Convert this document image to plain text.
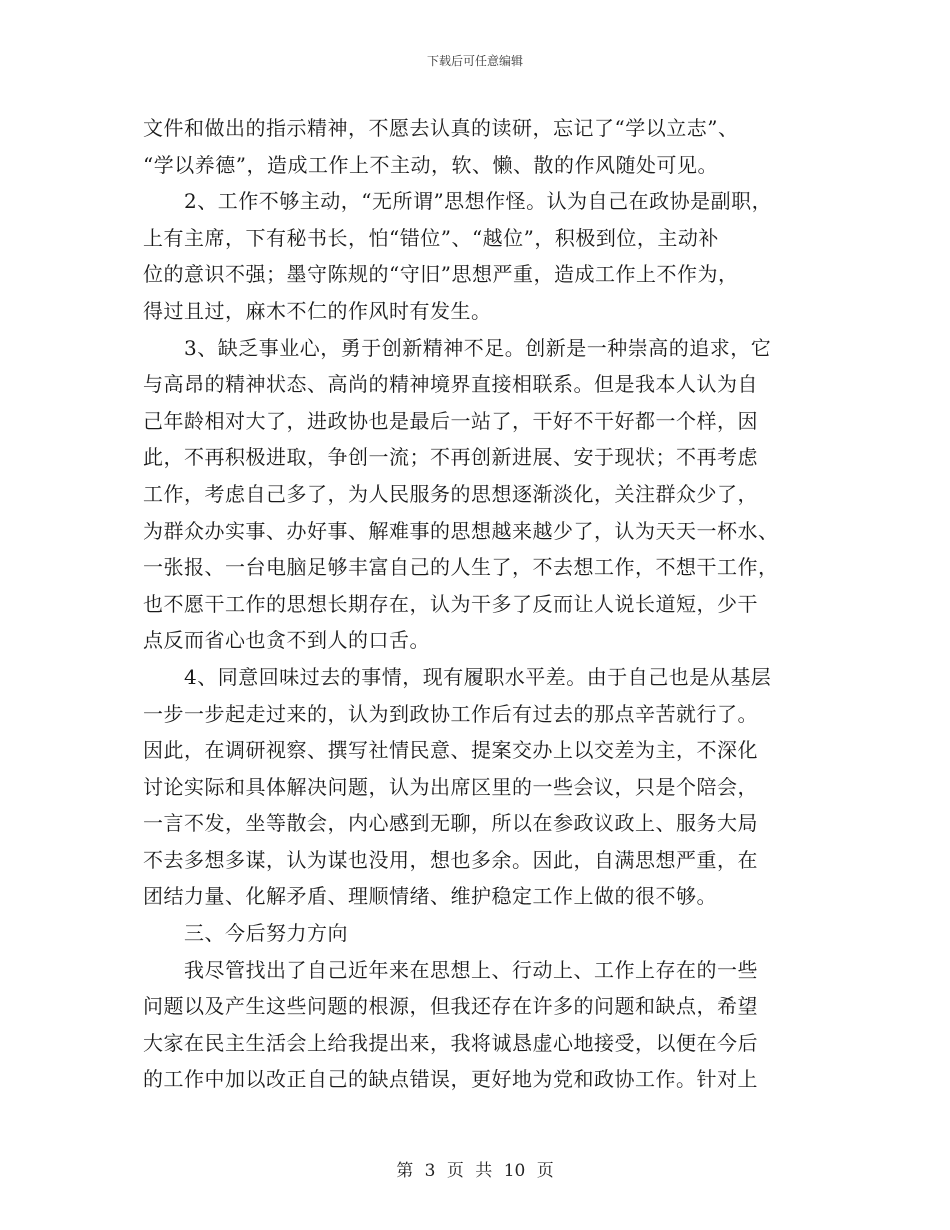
下载后可任意编辑
文件和做出的指示精神，不愿去认真的读研，忘记了“学以立志”、
“学以养德”，造成工作上不主动，软、懒、散的作风随处可见。
　　2、工作不够主动，“无所谓”思想作怪。认为自己在政协是副职，
上有主席，下有秘书长，怕“错位”、“越位”，积极到位，主动补
位的意识不强；墨守陈规的“守旧”思想严重，造成工作上不作为，
得过且过，麻木不仁的作风时有发生。
　　3、缺乏事业心，勇于创新精神不足。创新是一种崇高的追求，它
与高昂的精神状态、高尚的精神境界直接相联系。但是我本人认为自
己年龄相对大了，进政协也是最后一站了，干好不干好都一个样，因
此，不再积极进取，争创一流；不再创新进展、安于现状；不再考虑
工作，考虑自己多了，为人民服务的思想逐渐淡化，关注群众少了，
为群众办实事、办好事、解难事的思想越来越少了，认为天天一杯水、
一张报、一台电脑足够丰富自己的人生了，不去想工作，不想干工作，
也不愿干工作的思想长期存在，认为干多了反而让人说长道短，少干
点反而省心也贪不到人的口舌。
　　4、同意回味过去的事情，现有履职水平差。由于自己也是从基层
一步一步起走过来的，认为到政协工作后有过去的那点辛苦就行了。
因此，在调研视察、撰写社情民意、提案交办上以交差为主，不深化
讨论实际和具体解决问题，认为出席区里的一些会议，只是个陪会，
一言不发，坐等散会，内心感到无聊，所以在参政议政上、服务大局
不去多想多谋，认为谋也没用，想也多余。因此，自满思想严重，在
团结力量、化解矛盾、理顺情绪、维护稳定工作上做的很不够。
　　三、今后努力方向
　　我尽管找出了自己近年来在思想上、行动上、工作上存在的一些
问题以及产生这些问题的根源，但我还存在许多的问题和缺点，希望
大家在民主生活会上给我提出来，我将诚恳虚心地接受，以便在今后
的工作中加以改正自己的缺点错误，更好地为党和政协工作。针对上
第 3 页 共 10 页
